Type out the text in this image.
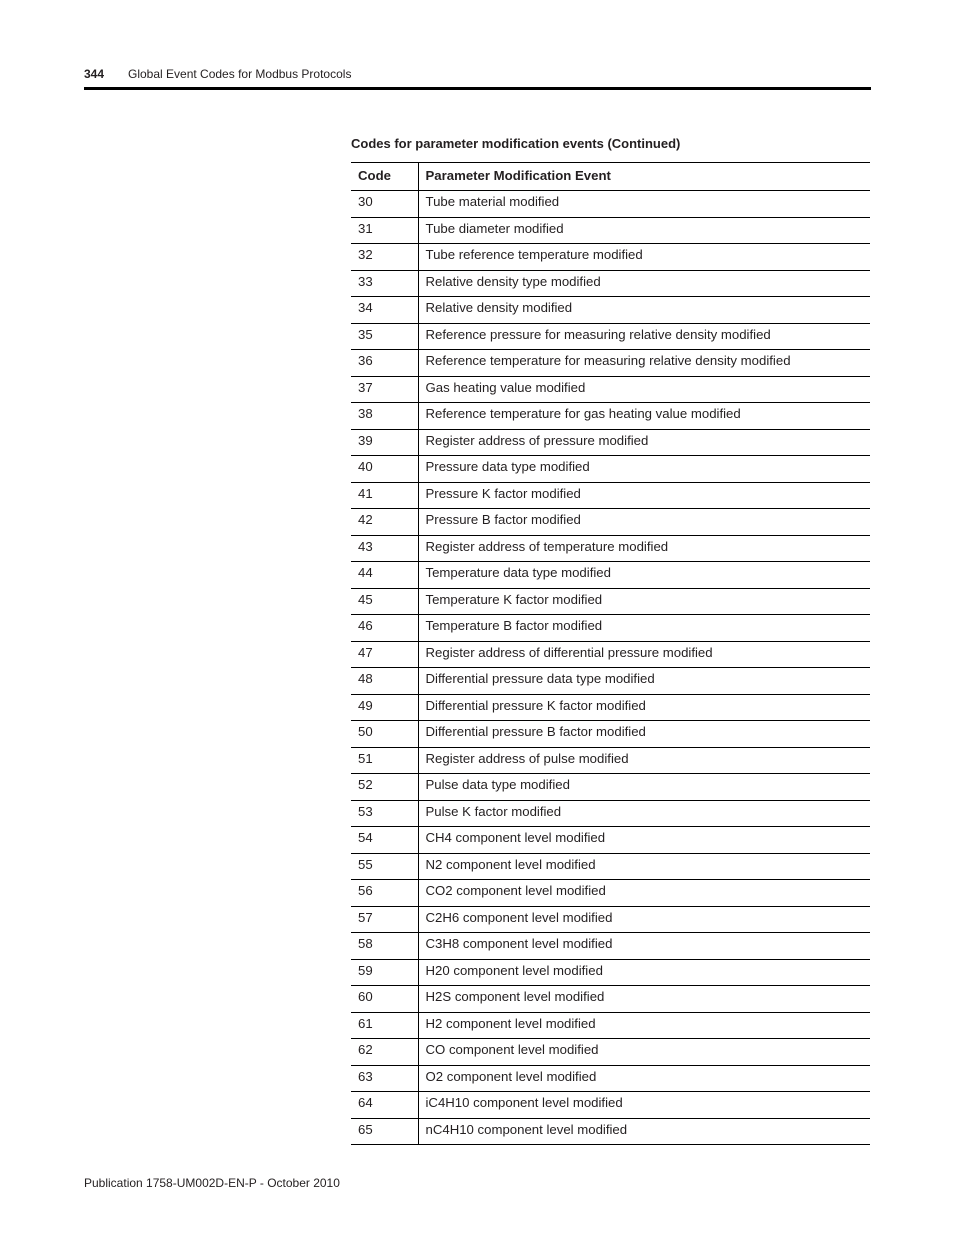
344 Global Event Codes for Modbus Protocols
Codes for parameter modification events (Continued)
Code	Parameter Modification Event
30	Tube material modified
31	Tube diameter modified
32	Tube reference temperature modified
33	Relative density type modified
34	Relative density modified
35	Reference pressure for measuring relative density modified
36	Reference temperature for measuring relative density modified
37	Gas heating value modified
38	Reference temperature for gas heating value modified
39	Register address of pressure modified
40	Pressure data type modified
41	Pressure K factor modified
42	Pressure B factor modified
43	Register address of temperature modified
44	Temperature data type modified
45	Temperature K factor modified
46	Temperature B factor modified
47	Register address of differential pressure modified
48	Differential pressure data type modified
49	Differential pressure K factor modified
50	Differential pressure B factor modified
51	Register address of pulse modified
52	Pulse data type modified
53	Pulse K factor modified
54	CH4 component level modified
55	N2 component level modified
56	CO2 component level modified
57	C2H6 component level modified
58	C3H8 component level modified
59	H20 component level modified
60	H2S component level modified
61	H2 component level modified
62	CO component level modified
63	O2 component level modified
64	iC4H10 component level modified
65	nC4H10 component level modified
Publication 1758-UM002D-EN-P - October 2010
